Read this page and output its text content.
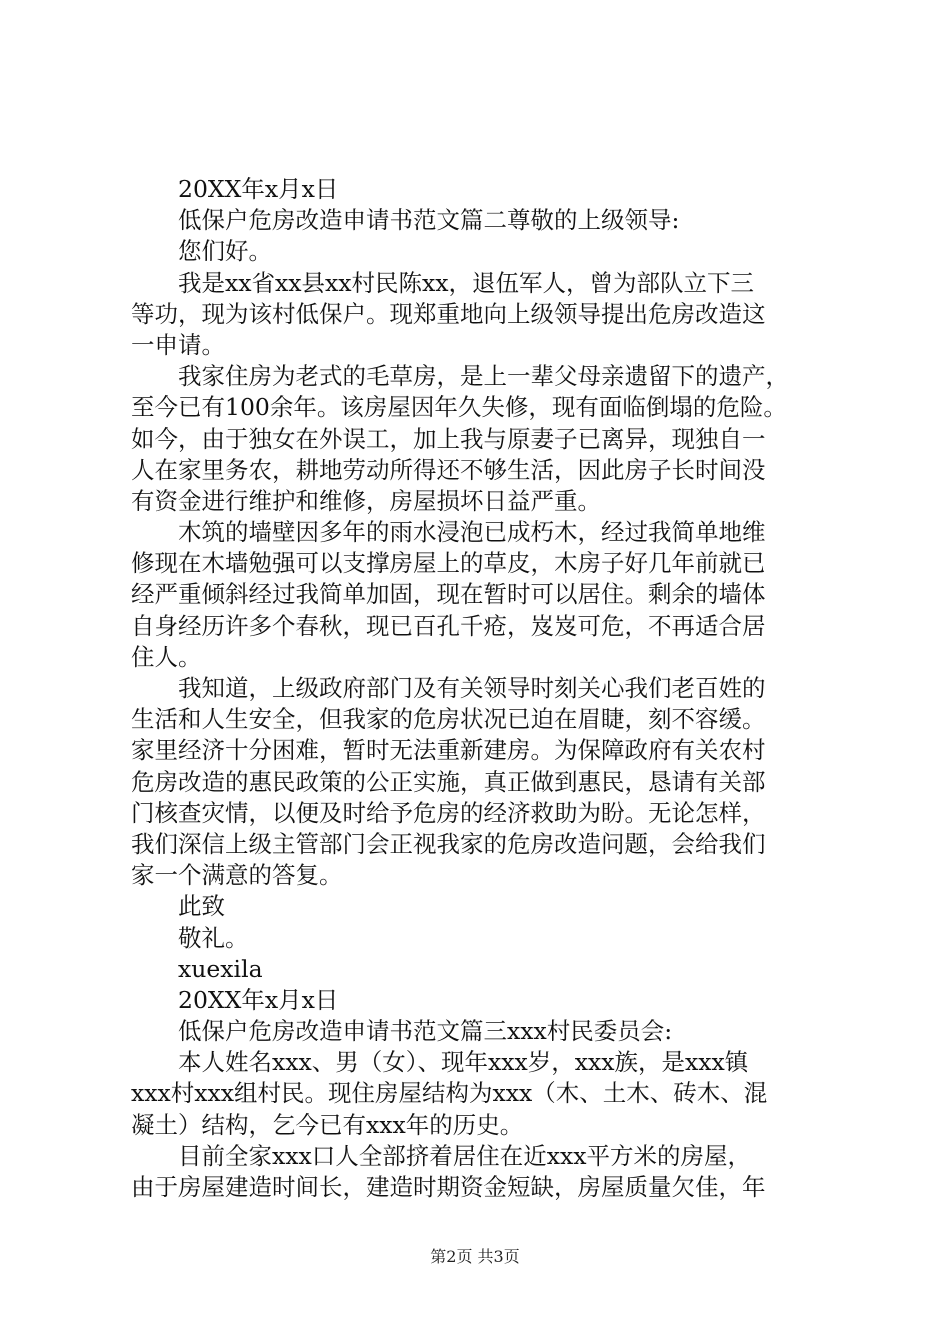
20XX年x月x日
低保户危房改造申请书范文篇二尊敬的上级领导:
您们好。
我是xx省xx县xx村民陈xx，退伍军人，曾为部队立下三
等功，现为该村低保户。现郑重地向上级领导提出危房改造这
一申请。
我家住房为老式的毛草房，是上一辈父母亲遗留下的遗产，
至今已有100余年。该房屋因年久失修，现有面临倒塌的危险。
如今，由于独女在外误工，加上我与原妻子已离异，现独自一
人在家里务农，耕地劳动所得还不够生活，因此房子长时间没
有资金进行维护和维修，房屋损坏日益严重。
木筑的墙壁因多年的雨水浸泡已成朽木，经过我简单地维
修现在木墙勉强可以支撑房屋上的草皮，木房子好几年前就已
经严重倾斜经过我简单加固，现在暂时可以居住。剩余的墙体
自身经历许多个春秋，现已百孔千疮，岌岌可危，不再适合居
住人。
我知道，上级政府部门及有关领导时刻关心我们老百姓的
生活和人生安全，但我家的危房状况已迫在眉睫，刻不容缓。
家里经济十分困难，暂时无法重新建房。为保障政府有关农村
危房改造的惠民政策的公正实施，真正做到惠民，恳请有关部
门核查灾情，以便及时给予危房的经济救助为盼。无论怎样，
我们深信上级主管部门会正视我家的危房改造问题，会给我们
家一个满意的答复。
此致
敬礼。
xuexila
20XX年x月x日
低保户危房改造申请书范文篇三xxx村民委员会:
本人姓名xxx、男（女）、现年xxx岁，xxx族，是xxx镇
xxx村xxx组村民。现住房屋结构为xxx（木、土木、砖木、混
凝土）结构，乞今已有xxx年的历史。
目前全家xxx口人全部挤着居住在近xxx平方米的房屋，
由于房屋建造时间长，建造时期资金短缺，房屋质量欠佳，年
第2页 共3页
